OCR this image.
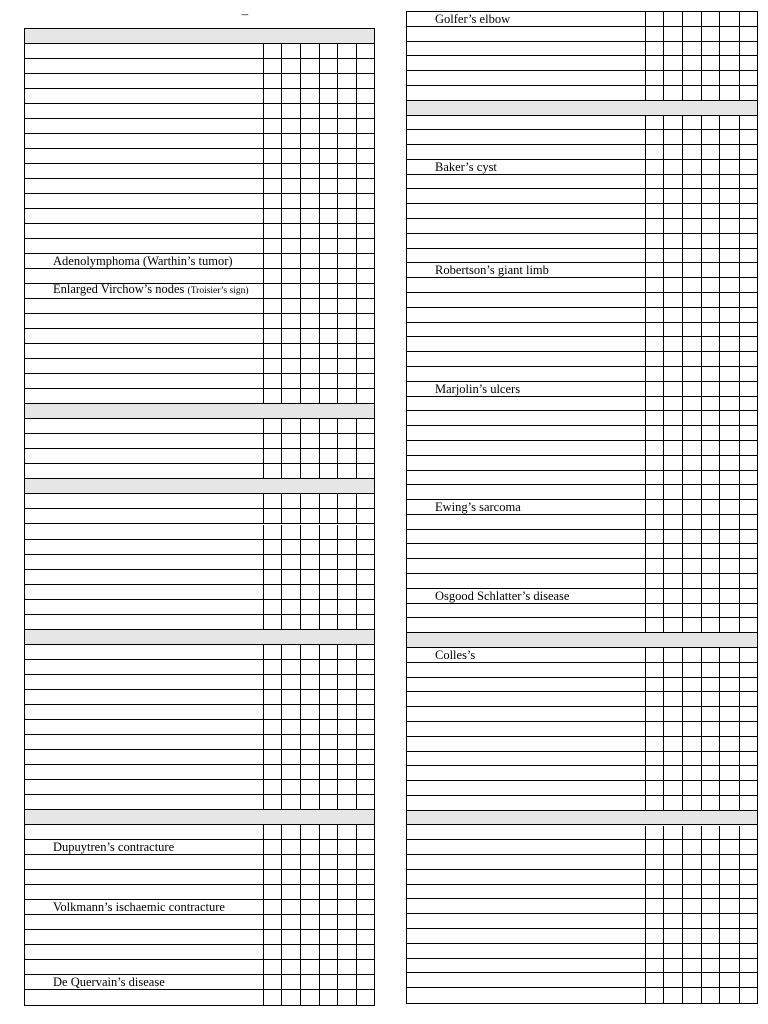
–
Adenolymphoma (Warthin’s tumor)
Enlarged Virchow’s nodes (Troisier’s sign)
Dupuytren’s contracture
Volkmann’s ischaemic contracture
De Quervain’s disease
Golfer’s elbow
Baker’s cyst
Robertson’s giant limb
Marjolin’s ulcers
Ewing’s sarcoma
Osgood Schlatter’s disease
Colles’s
